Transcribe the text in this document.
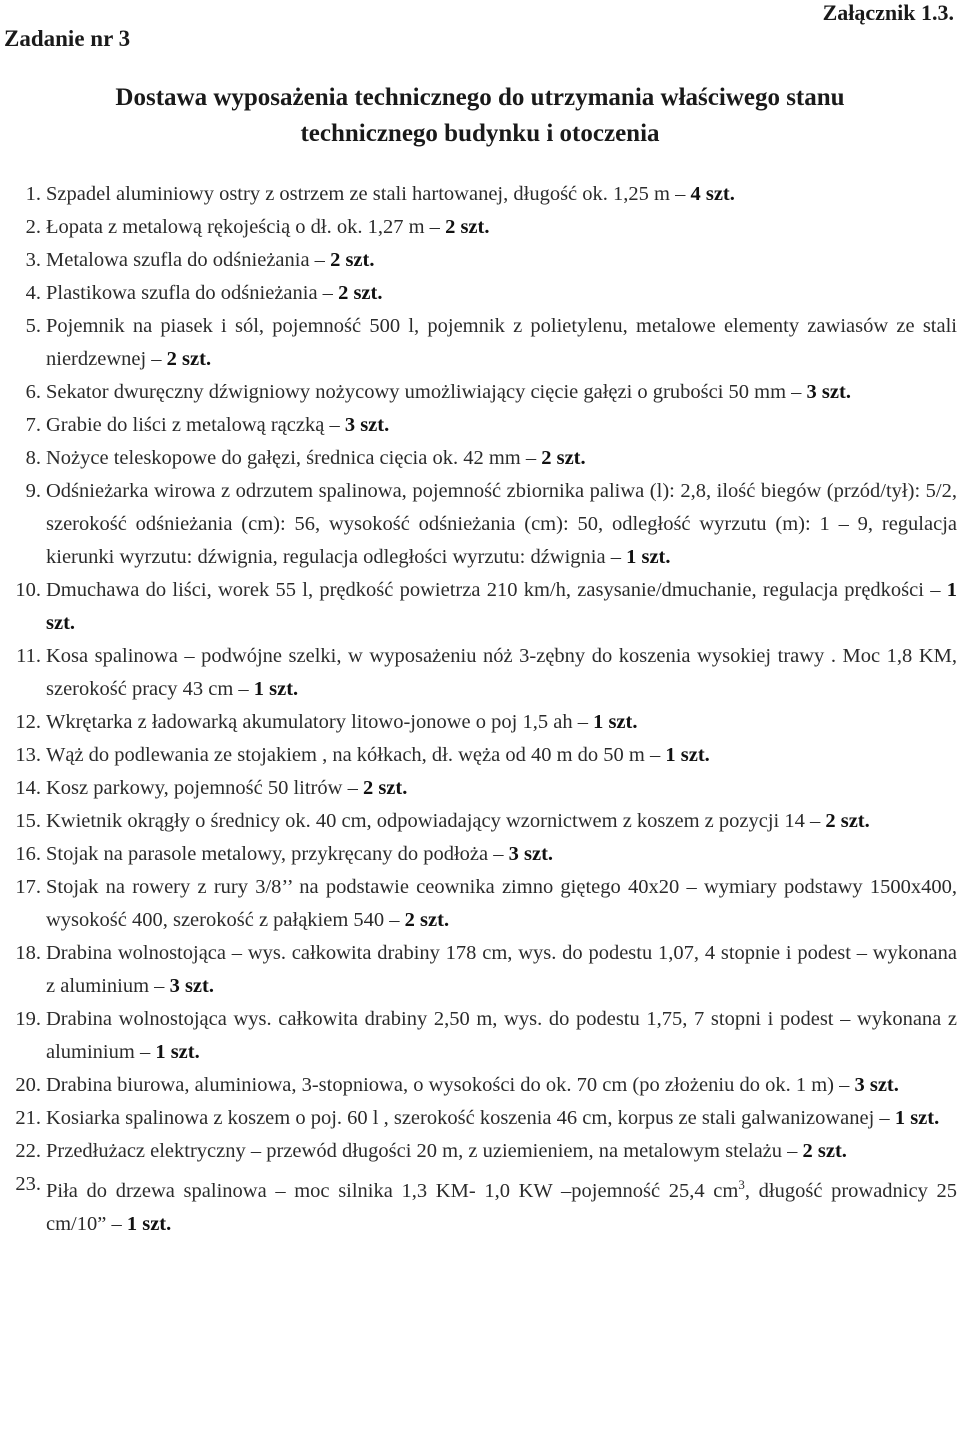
Zadanie nr 3
Załącznik 1.3.
Dostawa wyposażenia technicznego do utrzymania właściwego stanu
technicznego budynku i otoczenia
1. Szpadel aluminiowy ostry z ostrzem ze stali hartowanej, długość ok. 1,25 m – 4 szt.
2. Łopata z metalową rękojeścią o dł. ok. 1,27 m – 2 szt.
3. Metalowa szufla do odśnieżania – 2 szt.
4. Plastikowa szufla do odśnieżania – 2 szt.
5. Pojemnik na piasek i sól, pojemność 500 l, pojemnik z polietylenu, metalowe elementy zawiasów ze stali nierdzewnej – 2 szt.
6. Sekator dwuręczny dźwigniowy nożycowy umożliwiający cięcie gałęzi o grubości 50 mm – 3 szt.
7. Grabie do liści z metalową rączką – 3 szt.
8. Nożyce teleskopowe do gałęzi, średnica cięcia ok. 42 mm – 2 szt.
9. Odśnieżarka wirowa z odrzutem spalinowa, pojemność zbiornika paliwa (l): 2,8, ilość biegów (przód/tył): 5/2, szerokość odśnieżania (cm): 56, wysokość odśnieżania (cm): 50, odległość wyrzutu (m): 1 – 9, regulacja kierunki wyrzutu: dźwignia, regulacja odległości wyrzutu: dźwignia – 1 szt.
10. Dmuchawa do liści, worek 55 l, prędkość powietrza 210 km/h, zasysanie/dmuchanie, regulacja prędkości – 1 szt.
11. Kosa spalinowa – podwójne szelki, w wyposażeniu nóż 3-zębny do koszenia wysokiej trawy . Moc 1,8 KM, szerokość pracy 43 cm – 1 szt.
12. Wkrętarka z ładowarką akumulatory litowo-jonowe o poj 1,5 ah – 1 szt.
13. Wąż do podlewania ze stojakiem , na kółkach, dł. węża od 40 m do 50 m – 1 szt.
14. Kosz parkowy, pojemność 50 litrów – 2 szt.
15. Kwietnik okrągły o średnicy ok. 40 cm, odpowiadający wzornictwem z koszem z pozycji 14 – 2 szt.
16. Stojak na parasole metalowy, przykręcany do podłoża – 3 szt.
17. Stojak na rowery z rury 3/8’’ na podstawie ceownika zimno giętego 40x20 – wymiary podstawy 1500x400, wysokość 400, szerokość z pałąkiem 540 – 2 szt.
18. Drabina wolnostojąca – wys. całkowita drabiny 178 cm, wys. do podestu 1,07, 4 stopnie i podest – wykonana z aluminium – 3 szt.
19. Drabina wolnostojąca wys. całkowita drabiny 2,50 m, wys. do podestu 1,75, 7 stopni i podest – wykonana z aluminium – 1 szt.
20. Drabina biurowa, aluminiowa, 3-stopniowa, o wysokości do ok. 70 cm (po złożeniu do ok. 1 m) – 3 szt.
21. Kosiarka spalinowa z koszem o poj. 60 l , szerokość koszenia 46 cm, korpus ze stali galwanizowanej – 1 szt.
22. Przedłużacz elektryczny – przewód długości 20 m, z uziemieniem, na metalowym stelażu – 2 szt.
23. Piła do drzewa spalinowa – moc silnika 1,3 KM- 1,0 KW –pojemność 25,4 $cm^3$, długość prowadnicy 25 cm/10” – 1 szt.
